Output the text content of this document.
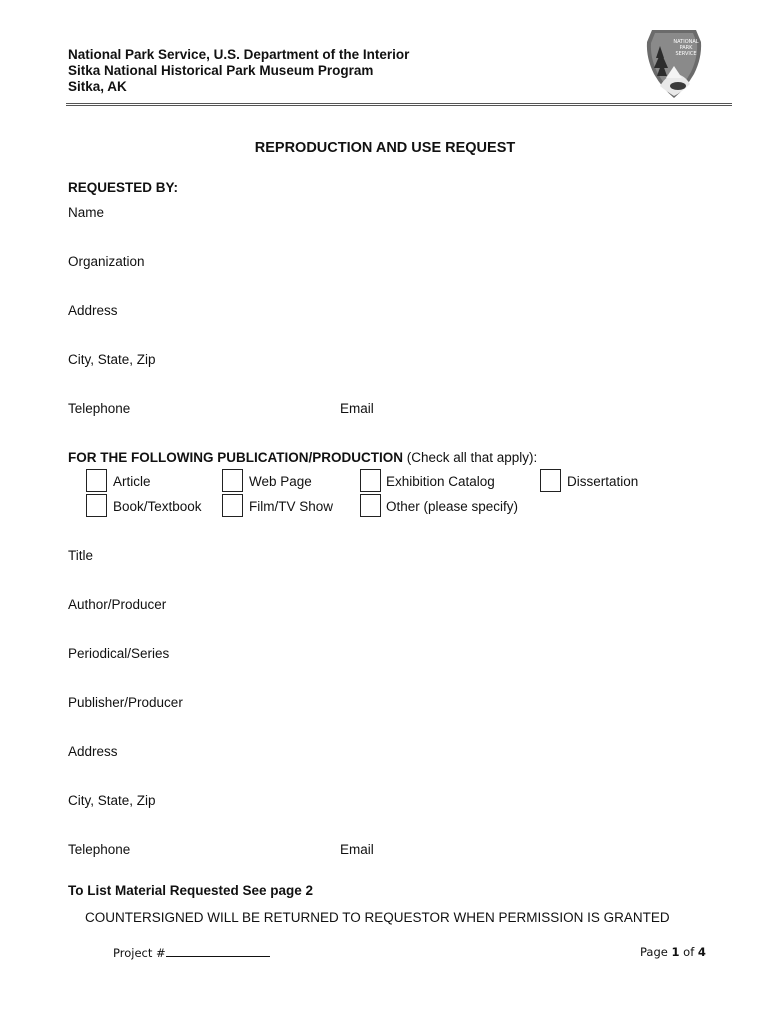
National Park Service, U.S. Department of the Interior
Sitka National Historical Park Museum Program
Sitka, AK
NATIONAL
PARK
SERVICE
REPRODUCTION AND USE REQUEST
REQUESTED BY:
Name
Organization
Address
City, State, Zip
Telephone	Email
FOR THE FOLLOWING PUBLICATION/PRODUCTION (Check all that apply):
Article	Web Page	Exhibition Catalog	Dissertation
Book/Textbook	Film/TV Show	Other (please specify)
Title
Author/Producer
Periodical/Series
Publisher/Producer
Address
City, State, Zip
Telephone	Email
To List Material Requested See page 2
COUNTERSIGNED WILL BE RETURNED TO REQUESTOR WHEN PERMISSION IS GRANTED
Project #	Page 1 of 4
